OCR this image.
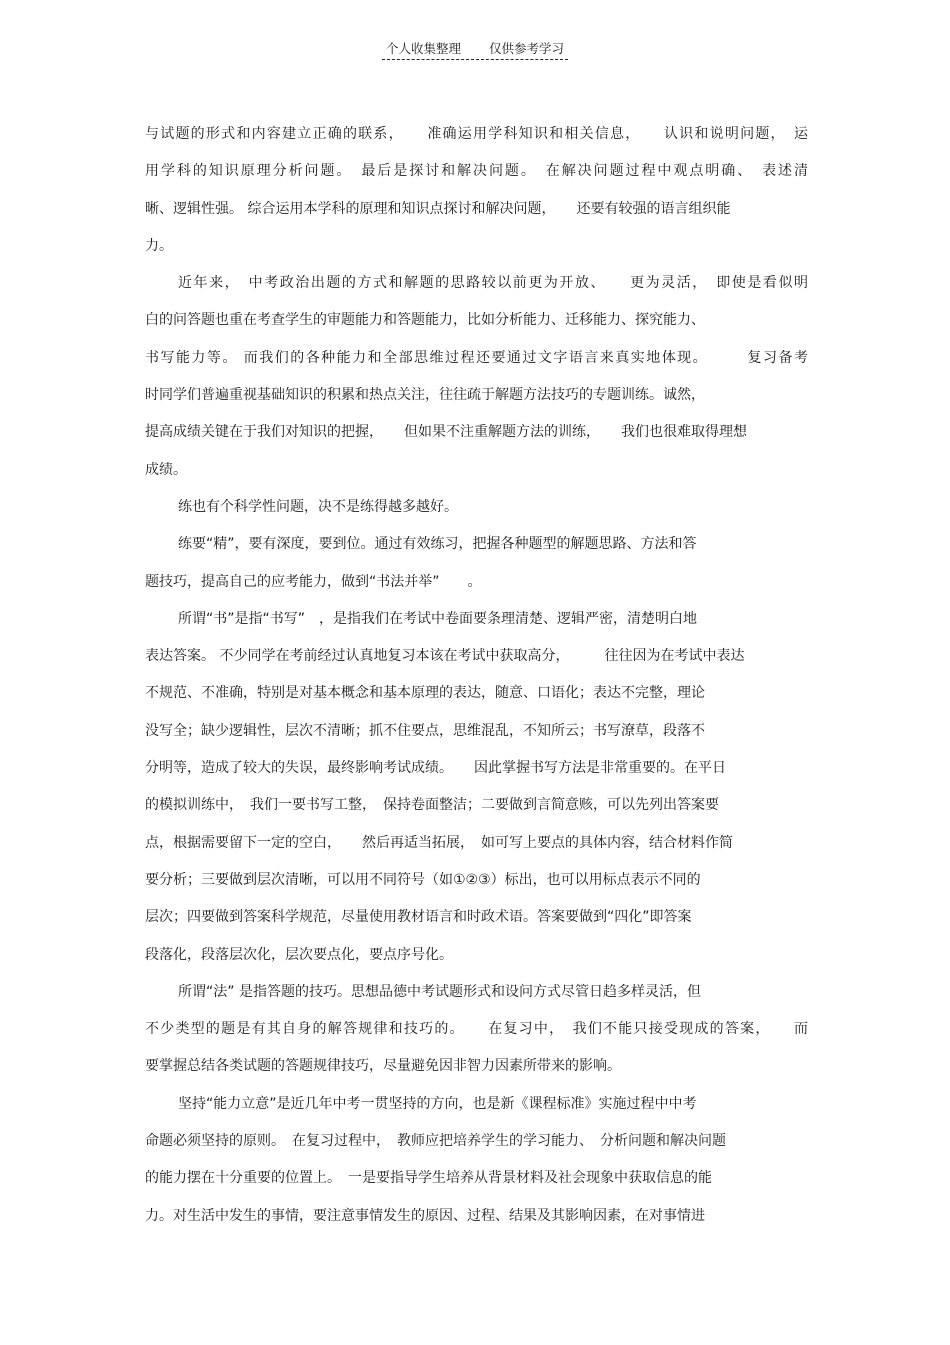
个人收集整理 仅供参考学习
与试题的形式和内容建立正确的联系，　　准确运用学科知识和相关信息，　　认识和说明问题，　运
用学科的知识原理分析问题。　最后是探讨和解决问题。　在解决问题过程中观点明确、　表述清
晰、逻辑性强。 综合运用本学科的原理和知识点探讨和解决问题，　　还要有较强的语言组织能
力。
近年来，　中考政治出题的方式和解题的思路较以前更为开放、　　更为灵活，　即使是看似明
白的问答题也重在考查学生的审题能力和答题能力，比如分析能力、迁移能力、探究能力、
书写能力等。 而我们的各种能力和全部思维过程还要通过文字语言来真实地体现。　　　复习备考
时同学们普遍重视基础知识的积累和热点关注，往往疏于解题方法技巧的专题训练。诚然，
提高成绩关键在于我们对知识的把握，　　但如果不注重解题方法的训练，　　我们也很难取得理想
成绩。
练也有个科学性问题，决不是练得越多越好。
练要“精”，要有深度，要到位。通过有效练习，把握各种题型的解题思路、方法和答
题技巧，提高自己的应考能力，做到“书法并举”　　。
所谓“书”是指“书写”　，是指我们在考试中卷面要条理清楚、逻辑严密，清楚明白地
表达答案。 不少同学在考前经过认真地复习本该在考试中获取高分，　　　往往因为在考试中表达
不规范、不准确，特别是对基本概念和基本原理的表达，随意、口语化；表达不完整，理论
没写全；缺少逻辑性，层次不清晰；抓不住要点，思维混乱，不知所云；书写潦草，段落不
分明等，造成了较大的失误，最终影响考试成绩。　　因此掌握书写方法是非常重要的。在平日
的模拟训练中，　我们一要书写工整，　保持卷面整洁；二要做到言简意赅，可以先列出答案要
点，根据需要留下一定的空白，　　然后再适当拓展，　如可写上要点的具体内容，结合材料作简
要分析；三要做到层次清晰，可以用不同符号（如①②③）标出，也可以用标点表示不同的
层次；四要做到答案科学规范，尽量使用教材语言和时政术语。答案要做到“四化”即答案
段落化，段落层次化，层次要点化，要点序号化。
所谓“法” 是指答题的技巧。思想品德中考试题形式和设问方式尽管日趋多样灵活，但
不少类型的题是有其自身的解答规律和技巧的。　　在复习中，　我们不能只接受现成的答案，　　而
要掌握总结各类试题的答题规律技巧，尽量避免因非智力因素所带来的影响。
坚持“能力立意”是近几年中考一贯坚持的方向，也是新《课程标准》实施过程中中考
命题必须坚持的原则。　在复习过程中，　教师应把培养学生的学习能力、　分析问题和解决问题
的能力摆在十分重要的位置上。　一是要指导学生培养从背景材料及社会现象中获取信息的能
力。对生活中发生的事情，要注意事情发生的原因、过程、结果及其影响因素，在对事情进
